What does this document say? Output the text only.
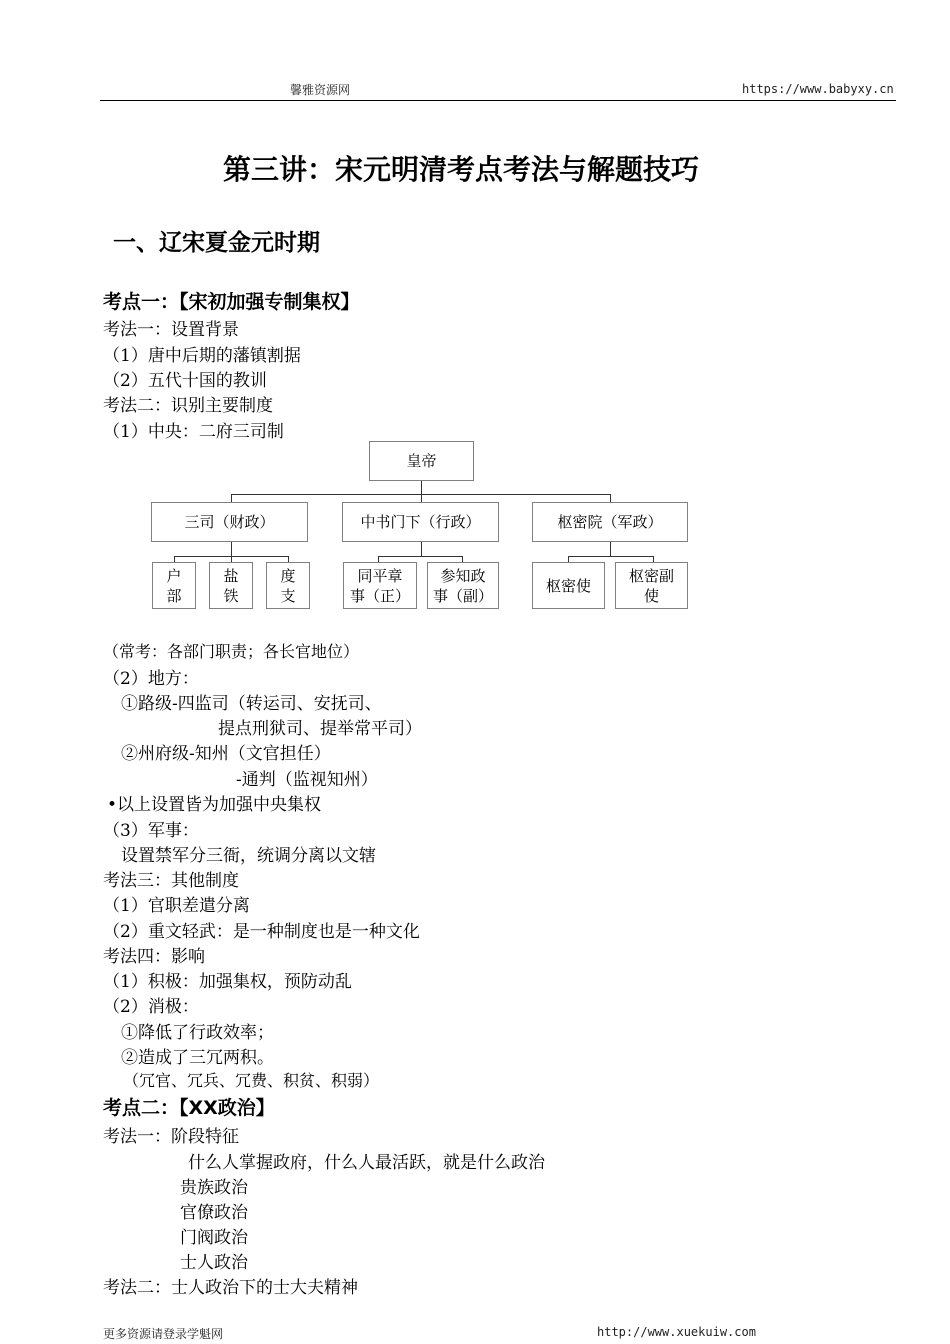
馨雅资源网	https://www.babyxy.cn
第三讲：宋元明清考点考法与解题技巧
一、辽宋夏金元时期
考点一：【宋初加强专制集权】
考法一：设置背景
（1）唐中后期的藩镇割据
（2）五代十国的教训
考法二：识别主要制度
（1）中央：二府三司制
皇帝
三司（财政）	中书门下（行政）	枢密院（军政）
户
部
盐
铁
度
支
同平章
事（正）
参知政
事（副）
枢密使
枢密副
使
（常考：各部门职责；各长官地位）
（2）地方：
①路级-四监司（转运司、安抚司、
提点刑狱司、提举常平司）
②州府级-知州（文官担任）
-通判（监视知州）
•以上设置皆为加强中央集权
（3）军事：
设置禁军分三衙，统调分离以文辖
考法三：其他制度
（1）官职差遣分离
（2）重文轻武：是一种制度也是一种文化
考法四：影响
（1）积极：加强集权，预防动乱
（2）消极：
①降低了行政效率；
②造成了三冗两积。
（冗官、冗兵、冗费、积贫、积弱）
考点二：【XX政治】
考法一：阶段特征
什么人掌握政府，什么人最活跃，就是什么政治
贵族政治
官僚政治
门阀政治
士人政治
考法二：士人政治下的士大夫精神
更多资源请登录学魁网	http://www.xuekuiw.com
